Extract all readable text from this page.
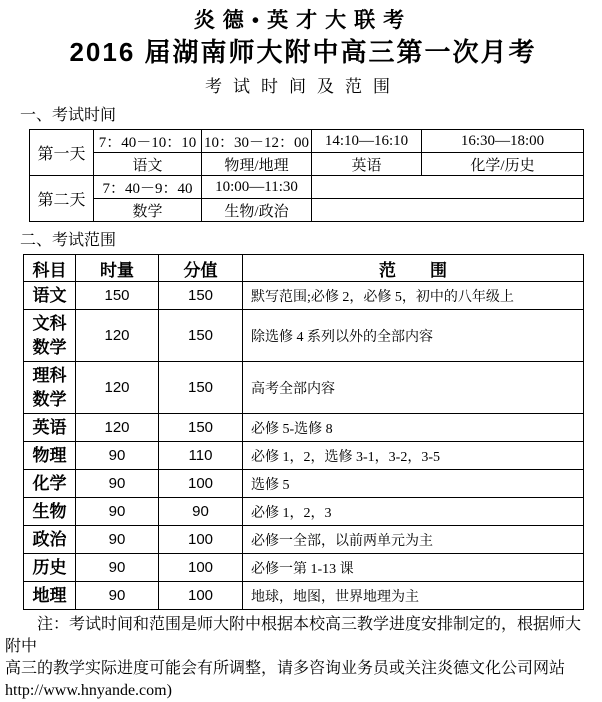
炎德•英才大联考
2016 届湖南师大附中高三第一次月考
考试时间及范围
一、考试时间
第一天	7：40－10：10	10：30－12：00	14:10—16:10	16:30—18:00
	语文	物理/地理	英语	化学/历史
第二天	7：40－9：40	10:00—11:30		
	数学	生物/政治		
二、考试范围
科目	时量	分值	范　　围
语文	150	150	默写范围;必修 2，必修 5，初中的八年级上
文科数学	120	150	除选修 4 系列以外的全部内容
理科数学	120	150	高考全部内容
英语	120	150	必修 5-选修 8
物理	90	110	必修 1，2，选修 3-1，3-2，3-5
化学	90	100	选修 5
生物	90	90	必修 1，2，3
政治	90	100	必修一全部，以前两单元为主
历史	90	100	必修一第 1-13 课
地理	90	100	地球，地图，世界地理为主
注：考试时间和范围是师大附中根据本校高三教学进度安排制定的，根据师大附中
高三的教学实际进度可能会有所调整，请多咨询业务员或关注炎德文化公司网站
http://www.hnyande.com)
